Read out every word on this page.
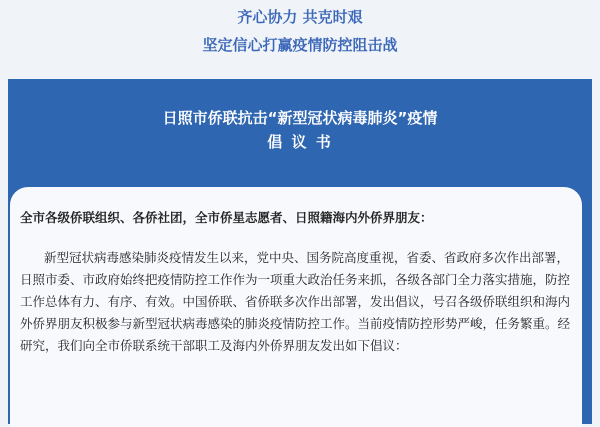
齐心协力 共克时艰
坚定信心打赢疫情防控阻击战
日照市侨联抗击“新型冠状病毒肺炎”疫情
倡 议 书

全市各级侨联组织、各侨社团，全市侨星志愿者、日照籍海内外侨界朋友：

新型冠状病毒感染肺炎疫情发生以来，党中央、国务院高度重视，省委、省政府多次作出部署，日照市委、市政府始终把疫情防控工作作为一项重大政治任务来抓，各级各部门全力落实措施，防控工作总体有力、有序、有效。中国侨联、省侨联多次作出部署，发出倡议，号召各级侨联组织和海内外侨界朋友积极参与新型冠状病毒感染的肺炎疫情防控工作。当前疫情防控形势严峻，任务繁重。经研究，我们向全市侨联系统干部职工及海内外侨界朋友发出如下倡议：
